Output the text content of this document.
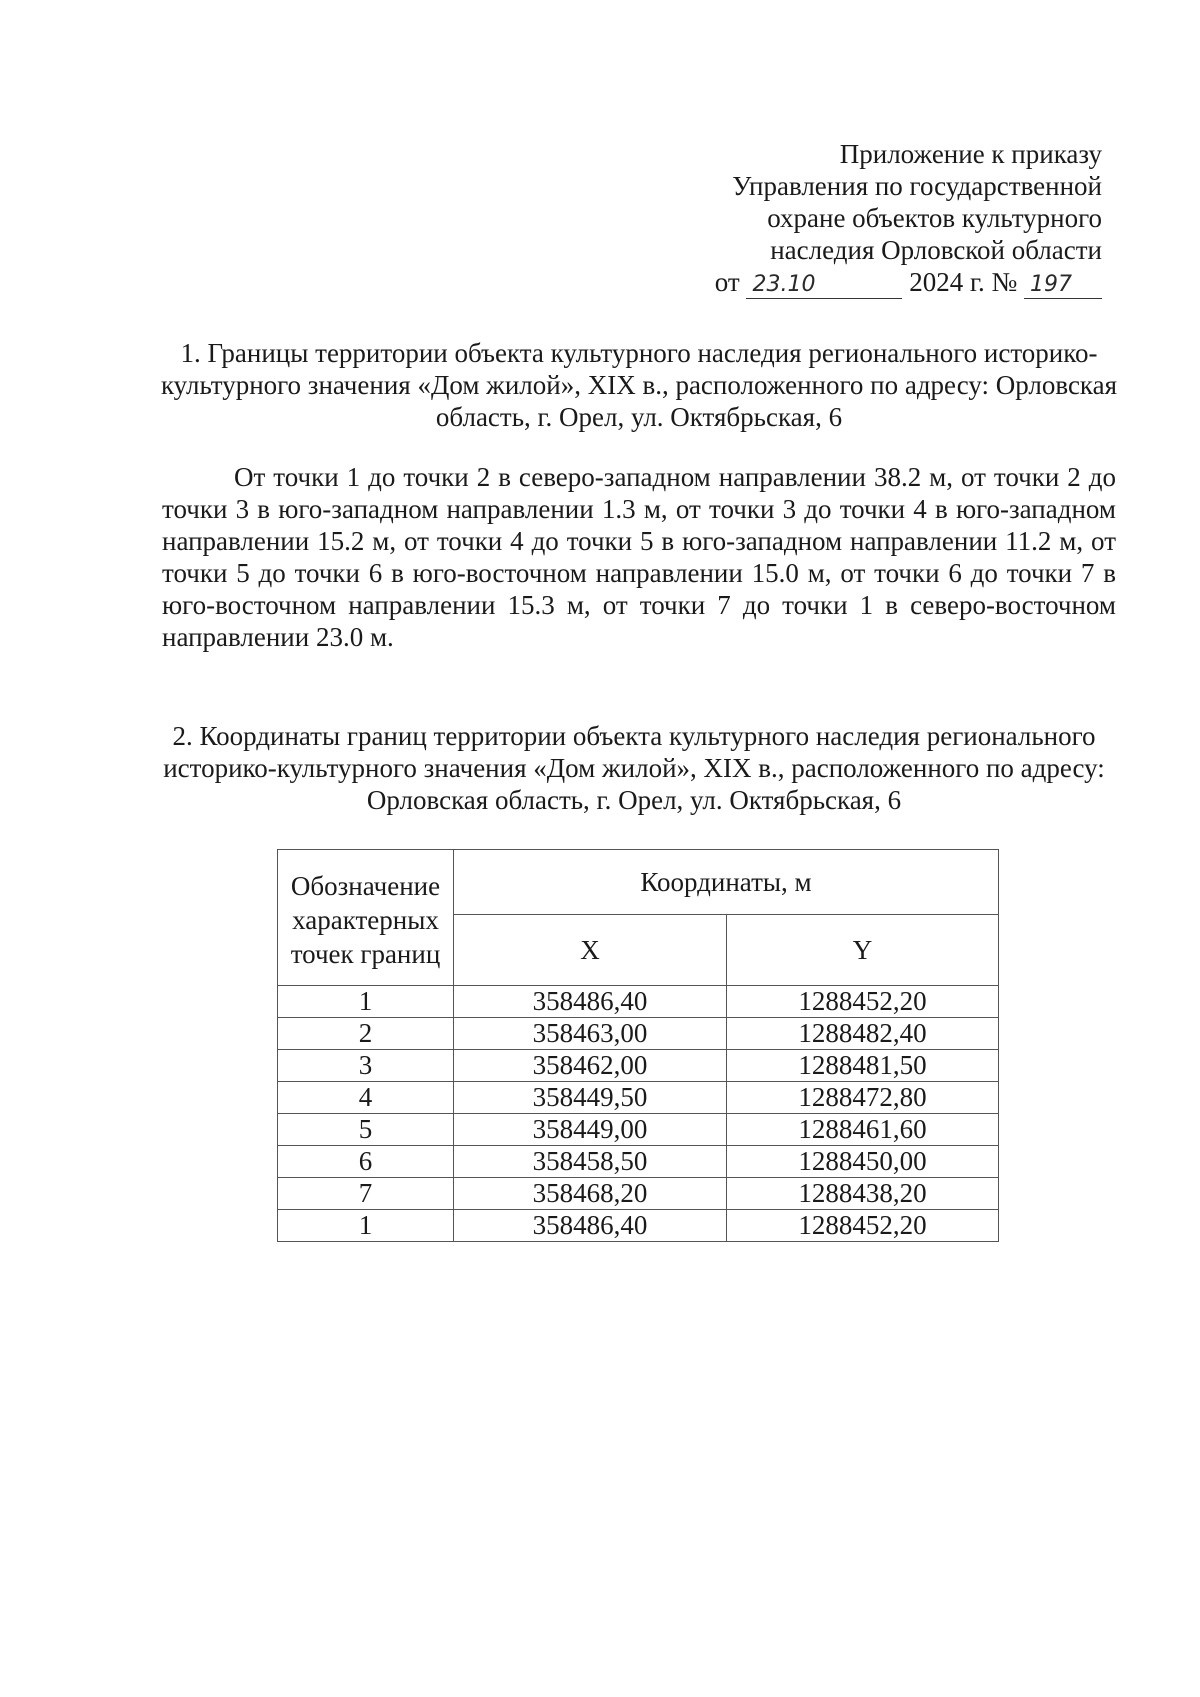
Приложение к приказу
Управления по государственной
охране объектов культурного
наследия Орловской области
от 23.10	2024 г. № 197
1. Границы территории объекта культурного наследия регионального историко-культурного значения «Дом жилой», XIX в., расположенного по адресу: Орловская область, г. Орел, ул. Октябрьская, 6
От точки 1 до точки 2 в северо-западном направлении 38.2 м, от точки 2 до точки 3 в юго-западном направлении 1.3 м, от точки 3 до точки 4 в юго-западном направлении 15.2 м, от точки 4 до точки 5 в юго-западном направлении 11.2 м, от точки 5 до точки 6 в юго-восточном направлении 15.0 м, от точки 6 до точки 7 в юго-восточном направлении 15.3 м, от точки 7 до точки 1 в северо-восточном направлении 23.0 м.
2. Координаты границ территории объекта культурного наследия регионального историко-культурного значения «Дом жилой», XIX в., расположенного по адресу: Орловская область, г. Орел, ул. Октябрьская, 6
Обозначение характерных точек границ	Координаты, м	
	X	Y
1	358486,40	1288452,20
2	358463,00	1288482,40
3	358462,00	1288481,50
4	358449,50	1288472,80
5	358449,00	1288461,60
6	358458,50	1288450,00
7	358468,20	1288438,20
1	358486,40	1288452,20
